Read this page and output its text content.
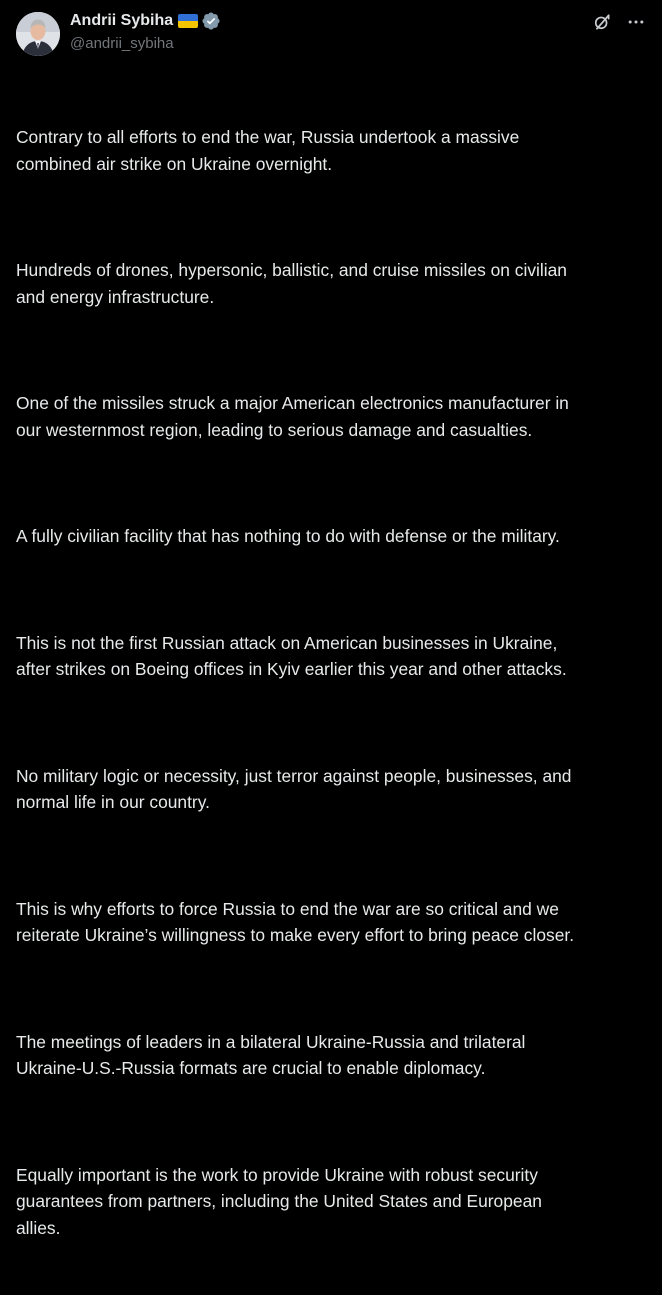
Andrii Sybiha
@andrii_sybiha

Contrary to all efforts to end the war, Russia undertook a massive
combined air strike on Ukraine overnight.

Hundreds of drones, hypersonic, ballistic, and cruise missiles on civilian
and energy infrastructure.

One of the missiles struck a major American electronics manufacturer in
our westernmost region, leading to serious damage and casualties.

A fully civilian facility that has nothing to do with defense or the military.

This is not the first Russian attack on American businesses in Ukraine,
after strikes on Boeing offices in Kyiv earlier this year and other attacks.

No military logic or necessity, just terror against people, businesses, and
normal life in our country.

This is why efforts to force Russia to end the war are so critical and we
reiterate Ukraine’s willingness to make every effort to bring peace closer.

The meetings of leaders in a bilateral Ukraine-Russia and trilateral
Ukraine-U.S.-Russia formats are crucial to enable diplomacy.

Equally important is the work to provide Ukraine with robust security
guarantees from partners, including the United States and European
allies.
